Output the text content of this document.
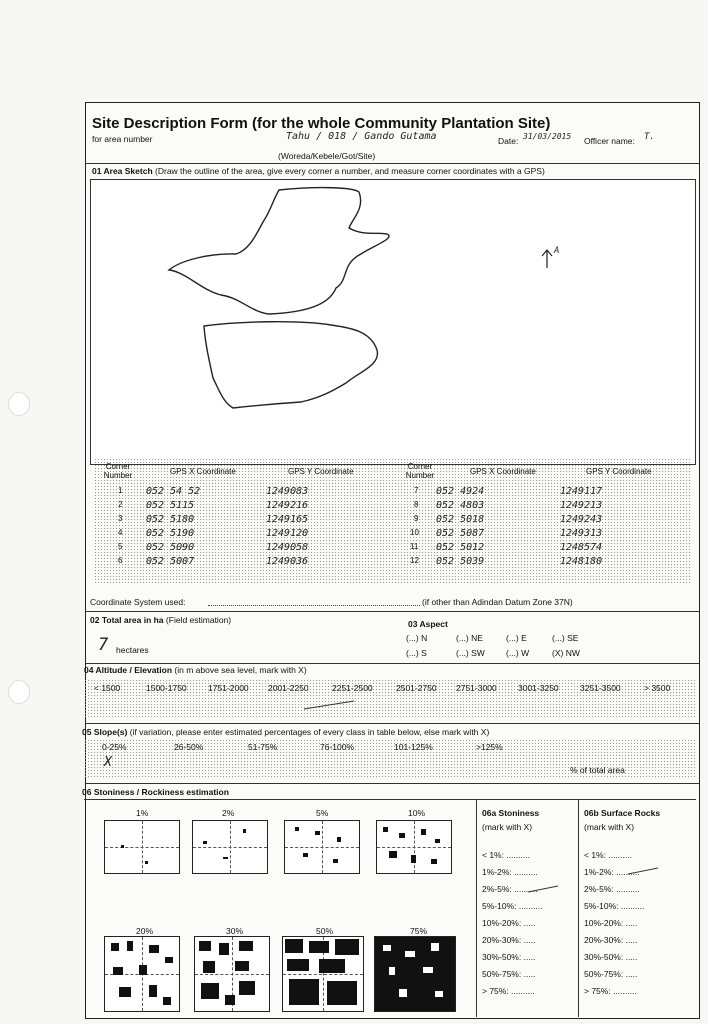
Site Description Form (for the whole Community Plantation Site)
for area number	Tahu / 018 / Gando Gutama	Date: 31/03/2015 Officer name: T.
(Woreda/Kebele/Got/Site)
01 Area Sketch (Draw the outline of the area, give every corner a number, and measure corner coordinates with a GPS)
A
Corner Number	GPS X Coordinate	GPS Y Coordinate
Corner Number	GPS X Coordinate	GPS Y Coordinate
1 052 54 52	1249083
2 052 5115	1249216
3 052 5180	1249165
4 052 5190	1249120
5 052 5090	1249058
6 052 5007	1249036
7 052 4924	1249117
8 052 4803	1249213
9 052 5018	1249243
10 052 5087	1249313
11 052 5012	1248574
12 052 5039	1248180
Coordinate System used:	(if other than Adindan Datum Zone 37N)
02 Total area in ha (Field estimation)
7 hectares
03 Aspect
(...) N	(...) NE	(...) E	(...) SE
(...) S	(...) SW (...) W	(X) NW
04 Altitude / Elevation (in m above sea level, mark with X)
< 1500	1500-1750	1751-2000 2001-2250	2251-2500	2501-2750 2751-3000	3001-3250	3251-3500	> 3500
05 Slope(s) (if variation, please enter estimated percentages of every class in table below, else mark with X)
0-25%	26-50%	51-75%	76-100%	101-125%	>125%
X	% of total area
06 Stoniness / Rockiness estimation
1%	2%	5%	10%
20%	30%	50%	75%
06a Stoniness
(mark with X)
< 1%: ..........
1%-2%: ..........
2%-5%: ..........
5%-10%: ..........
10%-20%: .....
20%-30%: .....
30%-50%: .....
50%-75%: .....
> 75%: ..........
06b Surface Rocks
(mark with X)
< 1%: ..........
1%-2%: ..........
2%-5%: ..........
5%-10%: ..........
10%-20%: .....
20%-30%: .....
30%-50%: .....
50%-75%: .....
> 75%: ..........
